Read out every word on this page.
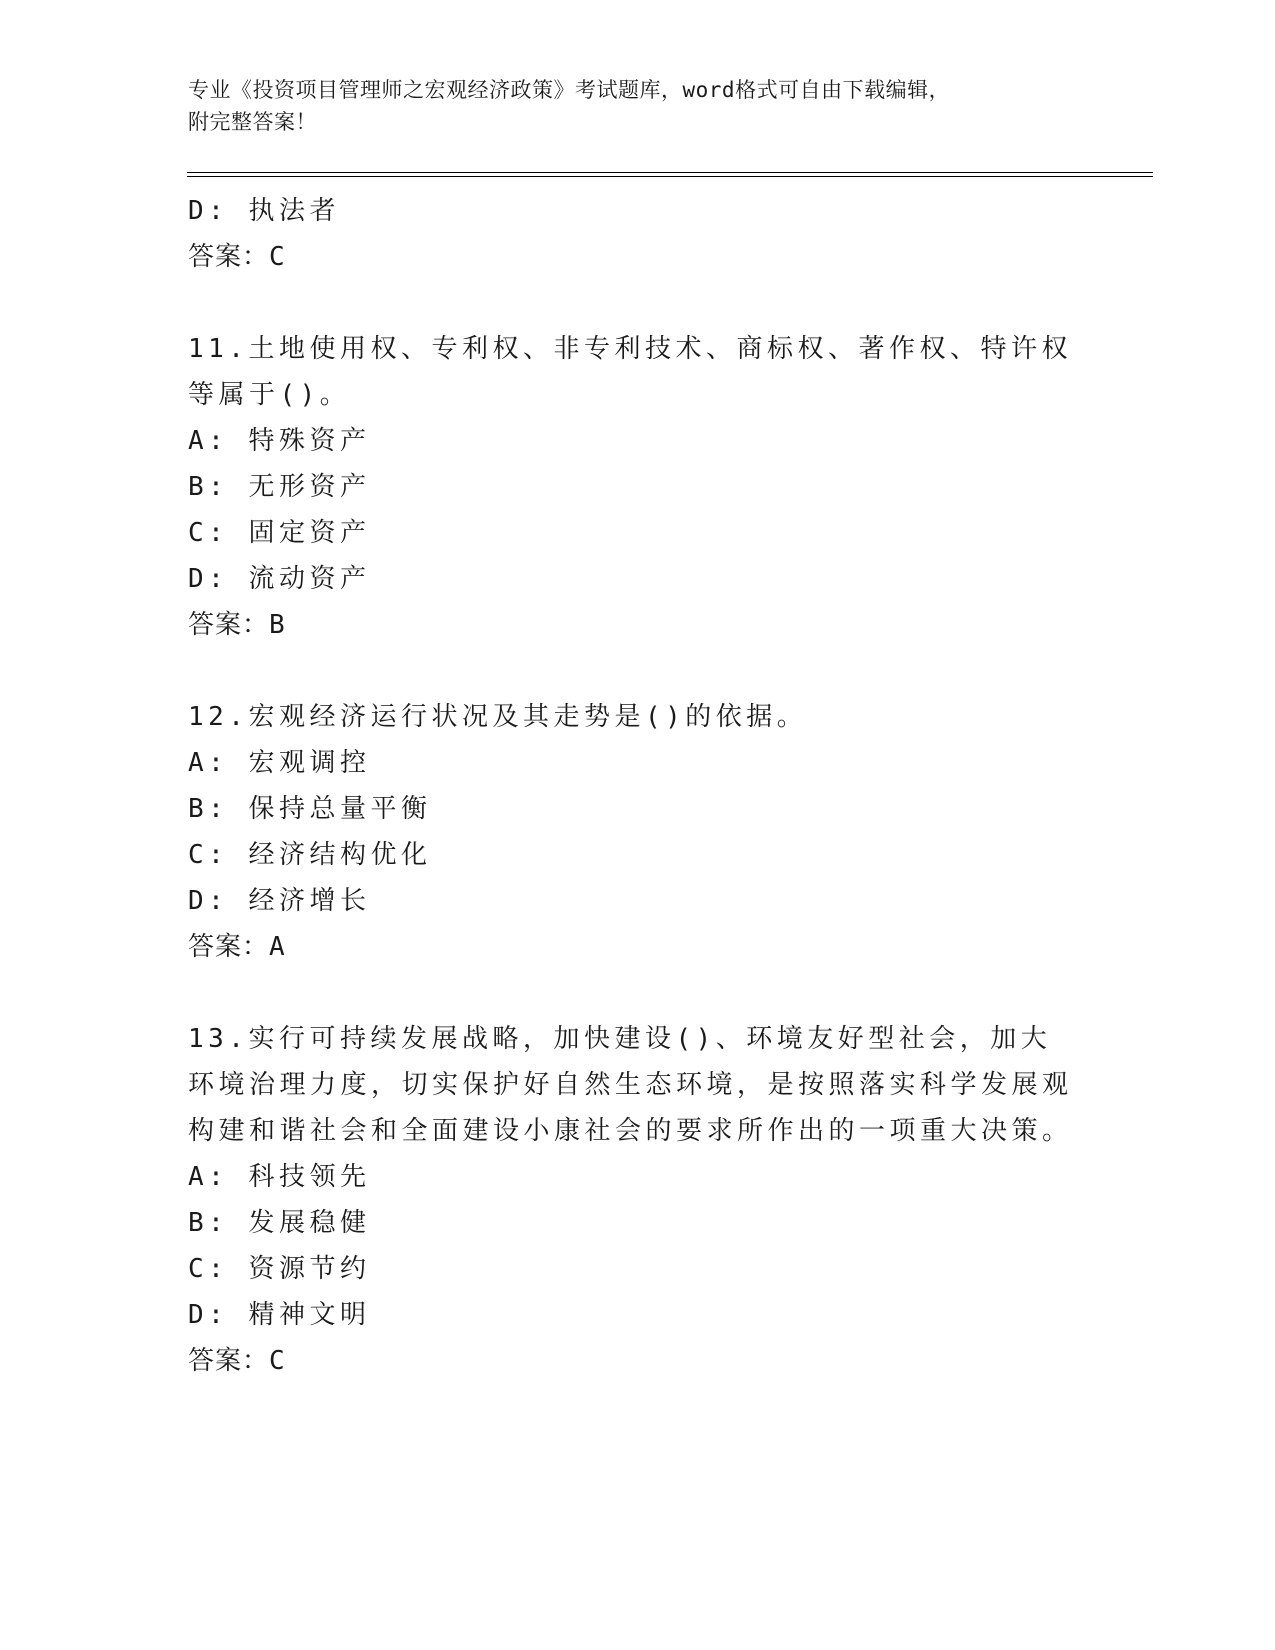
专业《投资项目管理师之宏观经济政策》考试题库，word格式可自由下载编辑，
附完整答案！
D: 执法者
答案：C
11.土地使用权、专利权、非专利技术、商标权、著作权、特许权等属于()。
A: 特殊资产
B: 无形资产
C: 固定资产
D: 流动资产
答案：B
12.宏观经济运行状况及其走势是()的依据。
A: 宏观调控
B: 保持总量平衡
C: 经济结构优化
D: 经济增长
答案：A
13.实行可持续发展战略，加快建设()、环境友好型社会，加大环境治理力度，切实保护好自然生态环境，是按照落实科学发展观构建和谐社会和全面建设小康社会的要求所作出的一项重大决策。
A: 科技领先
B: 发展稳健
C: 资源节约
D: 精神文明
答案：C
